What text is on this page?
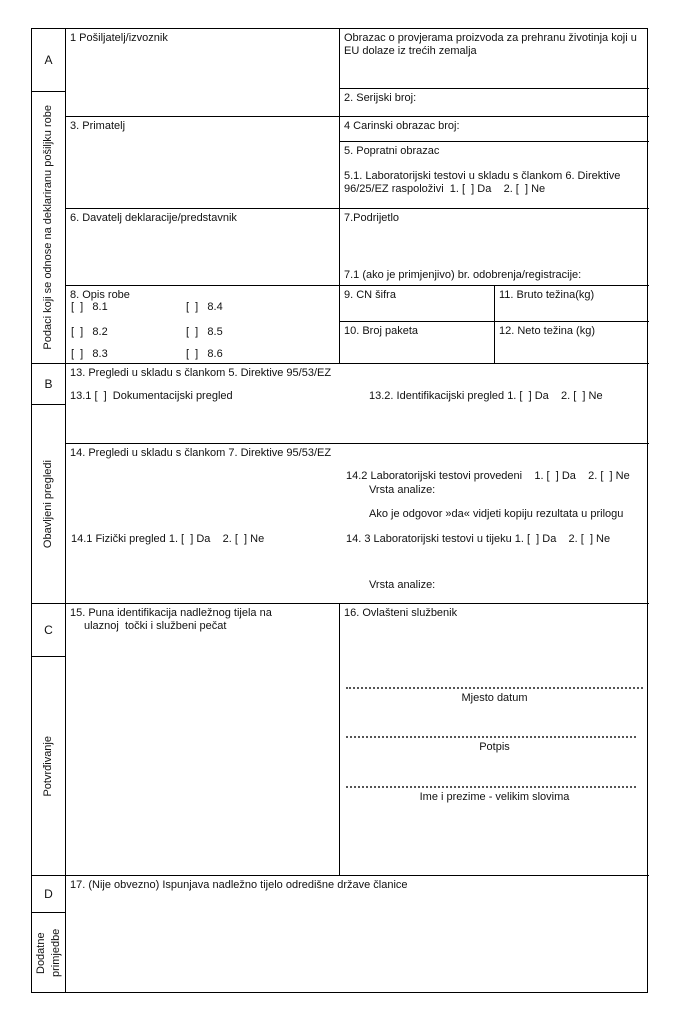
A
Podaci koji se odnose na deklariranu pošiljku robe
B
Obavljeni pregledi
C
Potvrđivanje
D
Dodatne primjedbe
1 Pošiljatelj/izvoznik
3. Primatelj
6. Davatelj deklaracije/predstavnik
8. Opis robe
[  ]   8.1	[  ]   8.4
[  ]   8.2	[  ]   8.5
[  ]   8.3	[  ]   8.6
Obrazac o provjerama proizvoda za prehranu životinja koji u EU dolaze iz trećih zemalja
2. Serijski broj:
4 Carinski obrazac broj:
5. Popratni obrazac
5.1. Laboratorijski testovi u skladu s člankom 6. Direktive 96/25/EZ raspoloživi  1. [  ] Da    2. [  ] Ne
7.Podrijetlo
7.1 (ako je primjenjivo) br. odobrenja/registracije:
9. CN šifra	11. Bruto težina(kg)
10. Broj paketa	12. Neto težina (kg)
13. Pregledi u skladu s člankom 5. Direktive 95/53/EZ
13.1 [  ]  Dokumentacijski pregled	13.2. Identifikacijski pregled 1. [  ] Da    2. [  ] Ne
14. Pregledi u skladu s člankom 7. Direktive 95/53/EZ
14.2 Laboratorijski testovi provedeni    1. [  ] Da    2. [  ] Ne
Vrsta analize:
Ako je odgovor »da« vidjeti kopiju rezultata u prilogu
14.1 Fizički pregled 1. [  ] Da    2. [  ] Ne	14. 3 Laboratorijski testovi u tijeku 1. [  ] Da    2. [  ] Ne
Vrsta analize:
15. Puna identifikacija nadležnog tijela na
ulaznoj  točki i službeni pečat
16. Ovlašteni službenik
Mjesto datum
Potpis
Ime i prezime - velikim slovima
17. (Nije obvezno) Ispunjava nadležno tijelo odredišne države članice
